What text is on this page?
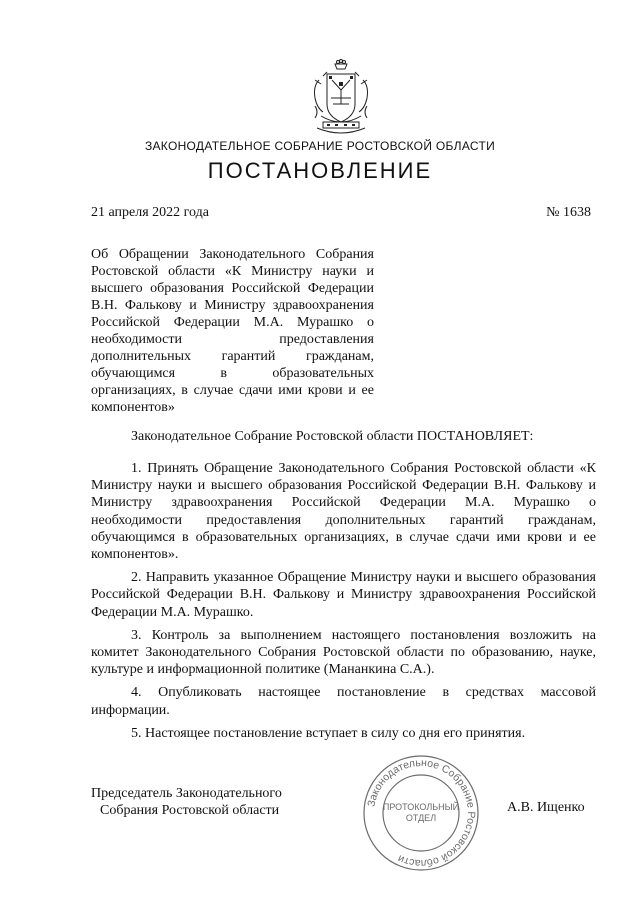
ЗАКОНОДАТЕЛЬНОЕ СОБРАНИЕ РОСТОВСКОЙ ОБЛАСТИ
ПОСТАНОВЛЕНИЕ
21 апреля 2022 года	№ 1638
Об Обращении Законодательного Собрания Ростовской области «К Министру науки и высшего образования Российской Федерации В.Н. Фалькову и Министру здравоохранения Российской Федерации М.А. Мурашко о необходимости предоставления дополнительных гарантий гражданам, обучающимся в образовательных организациях, в случае сдачи ими крови и ее компонентов»
Законодательное Собрание Ростовской области ПОСТАНОВЛЯЕТ:

1. Принять Обращение Законодательного Собрания Ростовской области «К Министру науки и высшего образования Российской Федерации В.Н. Фалькову и Министру здравоохранения Российской Федерации М.А. Мурашко о необходимости предоставления дополнительных гарантий гражданам, обучающимся в образовательных организациях, в случае сдачи ими крови и ее компонентов».

2. Направить указанное Обращение Министру науки и высшего образования Российской Федерации В.Н. Фалькову и Министру здравоохранения Российской Федерации М.А. Мурашко.

3. Контроль за выполнением настоящего постановления возложить на комитет Законодательного Собрания Ростовской области по образованию, науке, культуре и информационной политике (Мананкина С.А.).

4. Опубликовать настоящее постановление в средствах массовой информации.

5. Настоящее постановление вступает в силу со дня его принятия.

Председатель Законодательного
Собрания Ростовской области	Законодательное Собрание Ростовской области
ПРОТОКОЛЬНЫЙ
ОТДЕЛ
А.В. Ищенко
